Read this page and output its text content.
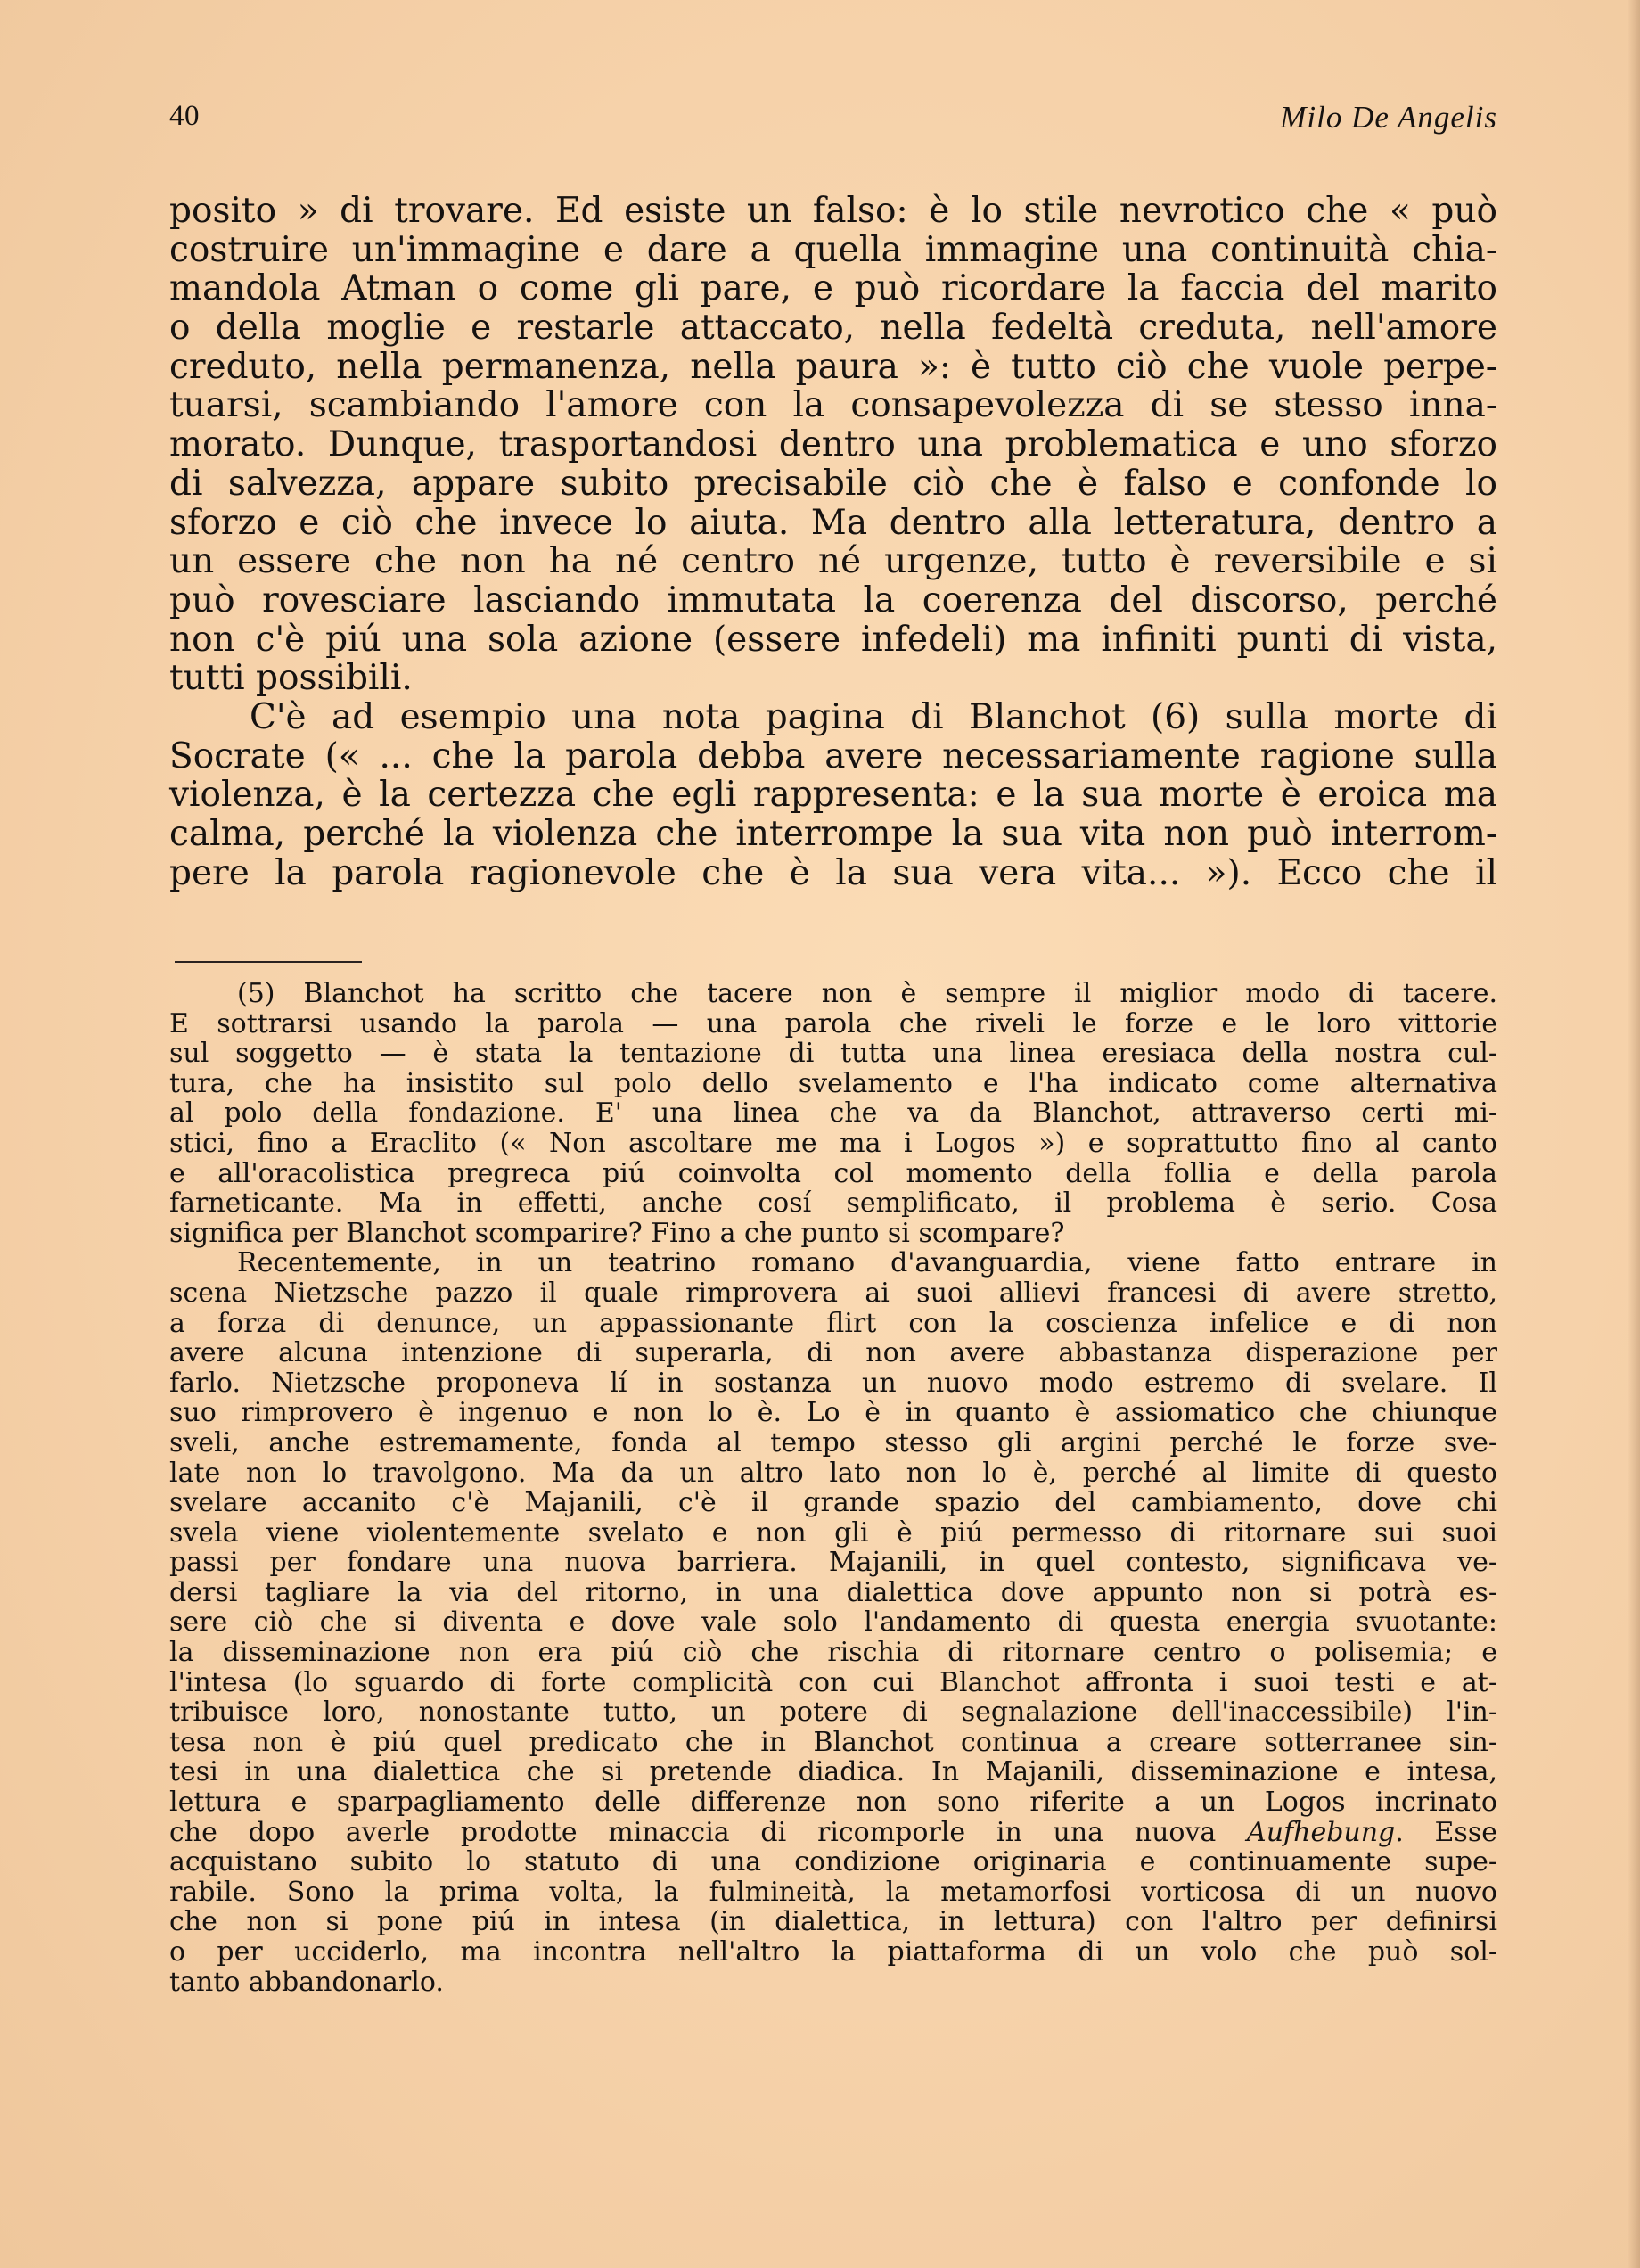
40	Milo De Angelis
posito » di trovare. Ed esiste un falso: è lo stile nevrotico che « può
costruire un'immagine e dare a quella immagine una continuità chia-
mandola Atman o come gli pare, e può ricordare la faccia del marito
o della moglie e restarle attaccato, nella fedeltà creduta, nell'amore
creduto, nella permanenza, nella paura »: è tutto ciò che vuole perpe-
tuarsi, scambiando l'amore con la consapevolezza di se stesso inna-
morato. Dunque, trasportandosi dentro una problematica e uno sforzo
di salvezza, appare subito precisabile ciò che è falso e confonde lo
sforzo e ciò che invece lo aiuta. Ma dentro alla letteratura, dentro a
un essere che non ha né centro né urgenze, tutto è reversibile e si
può rovesciare lasciando immutata la coerenza del discorso, perché
non c'è piú una sola azione (essere infedeli) ma infiniti punti di vista,
tutti possibili.
C'è ad esempio una nota pagina di Blanchot (6) sulla morte di
Socrate (« ... che la parola debba avere necessariamente ragione sulla
violenza, è la certezza che egli rappresenta: e la sua morte è eroica ma
calma, perché la violenza che interrompe la sua vita non può interrom-
pere la parola ragionevole che è la sua vera vita... »). Ecco che il
(5) Blanchot ha scritto che tacere non è sempre il miglior modo di tacere.
E sottrarsi usando la parola — una parola che riveli le forze e le loro vittorie
sul soggetto — è stata la tentazione di tutta una linea eresiaca della nostra cul-
tura, che ha insistito sul polo dello svelamento e l'ha indicato come alternativa
al polo della fondazione. E' una linea che va da Blanchot, attraverso certi mi-
stici, fino a Eraclito (« Non ascoltare me ma i Logos ») e soprattutto fino al canto
e all'oracolistica pregreca piú coinvolta col momento della follia e della parola
farneticante. Ma in effetti, anche cosí semplificato, il problema è serio. Cosa
significa per Blanchot scomparire? Fino a che punto si scompare?
Recentemente, in un teatrino romano d'avanguardia, viene fatto entrare in
scena Nietzsche pazzo il quale rimprovera ai suoi allievi francesi di avere stretto,
a forza di denunce, un appassionante flirt con la coscienza infelice e di non
avere alcuna intenzione di superarla, di non avere abbastanza disperazione per
farlo. Nietzsche proponeva lí in sostanza un nuovo modo estremo di svelare. Il
suo rimprovero è ingenuo e non lo è. Lo è in quanto è assiomatico che chiunque
sveli, anche estremamente, fonda al tempo stesso gli argini perché le forze sve-
late non lo travolgono. Ma da un altro lato non lo è, perché al limite di questo
svelare accanito c'è Majanili, c'è il grande spazio del cambiamento, dove chi
svela viene violentemente svelato e non gli è piú permesso di ritornare sui suoi
passi per fondare una nuova barriera. Majanili, in quel contesto, significava ve-
dersi tagliare la via del ritorno, in una dialettica dove appunto non si potrà es-
sere ciò che si diventa e dove vale solo l'andamento di questa energia svuotante:
la disseminazione non era piú ciò che rischia di ritornare centro o polisemia; e
l'intesa (lo sguardo di forte complicità con cui Blanchot affronta i suoi testi e at-
tribuisce loro, nonostante tutto, un potere di segnalazione dell'inaccessibile) l'in-
tesa non è piú quel predicato che in Blanchot continua a creare sotterranee sin-
tesi in una dialettica che si pretende diadica. In Majanili, disseminazione e intesa,
lettura e sparpagliamento delle differenze non sono riferite a un Logos incrinato
che dopo averle prodotte minaccia di ricomporle in una nuova Aufhebung. Esse
acquistano subito lo statuto di una condizione originaria e continuamente supe-
rabile. Sono la prima volta, la fulmineità, la metamorfosi vorticosa di un nuovo
che non si pone piú in intesa (in dialettica, in lettura) con l'altro per definirsi
o per ucciderlo, ma incontra nell'altro la piattaforma di un volo che può sol-
tanto abbandonarlo.
